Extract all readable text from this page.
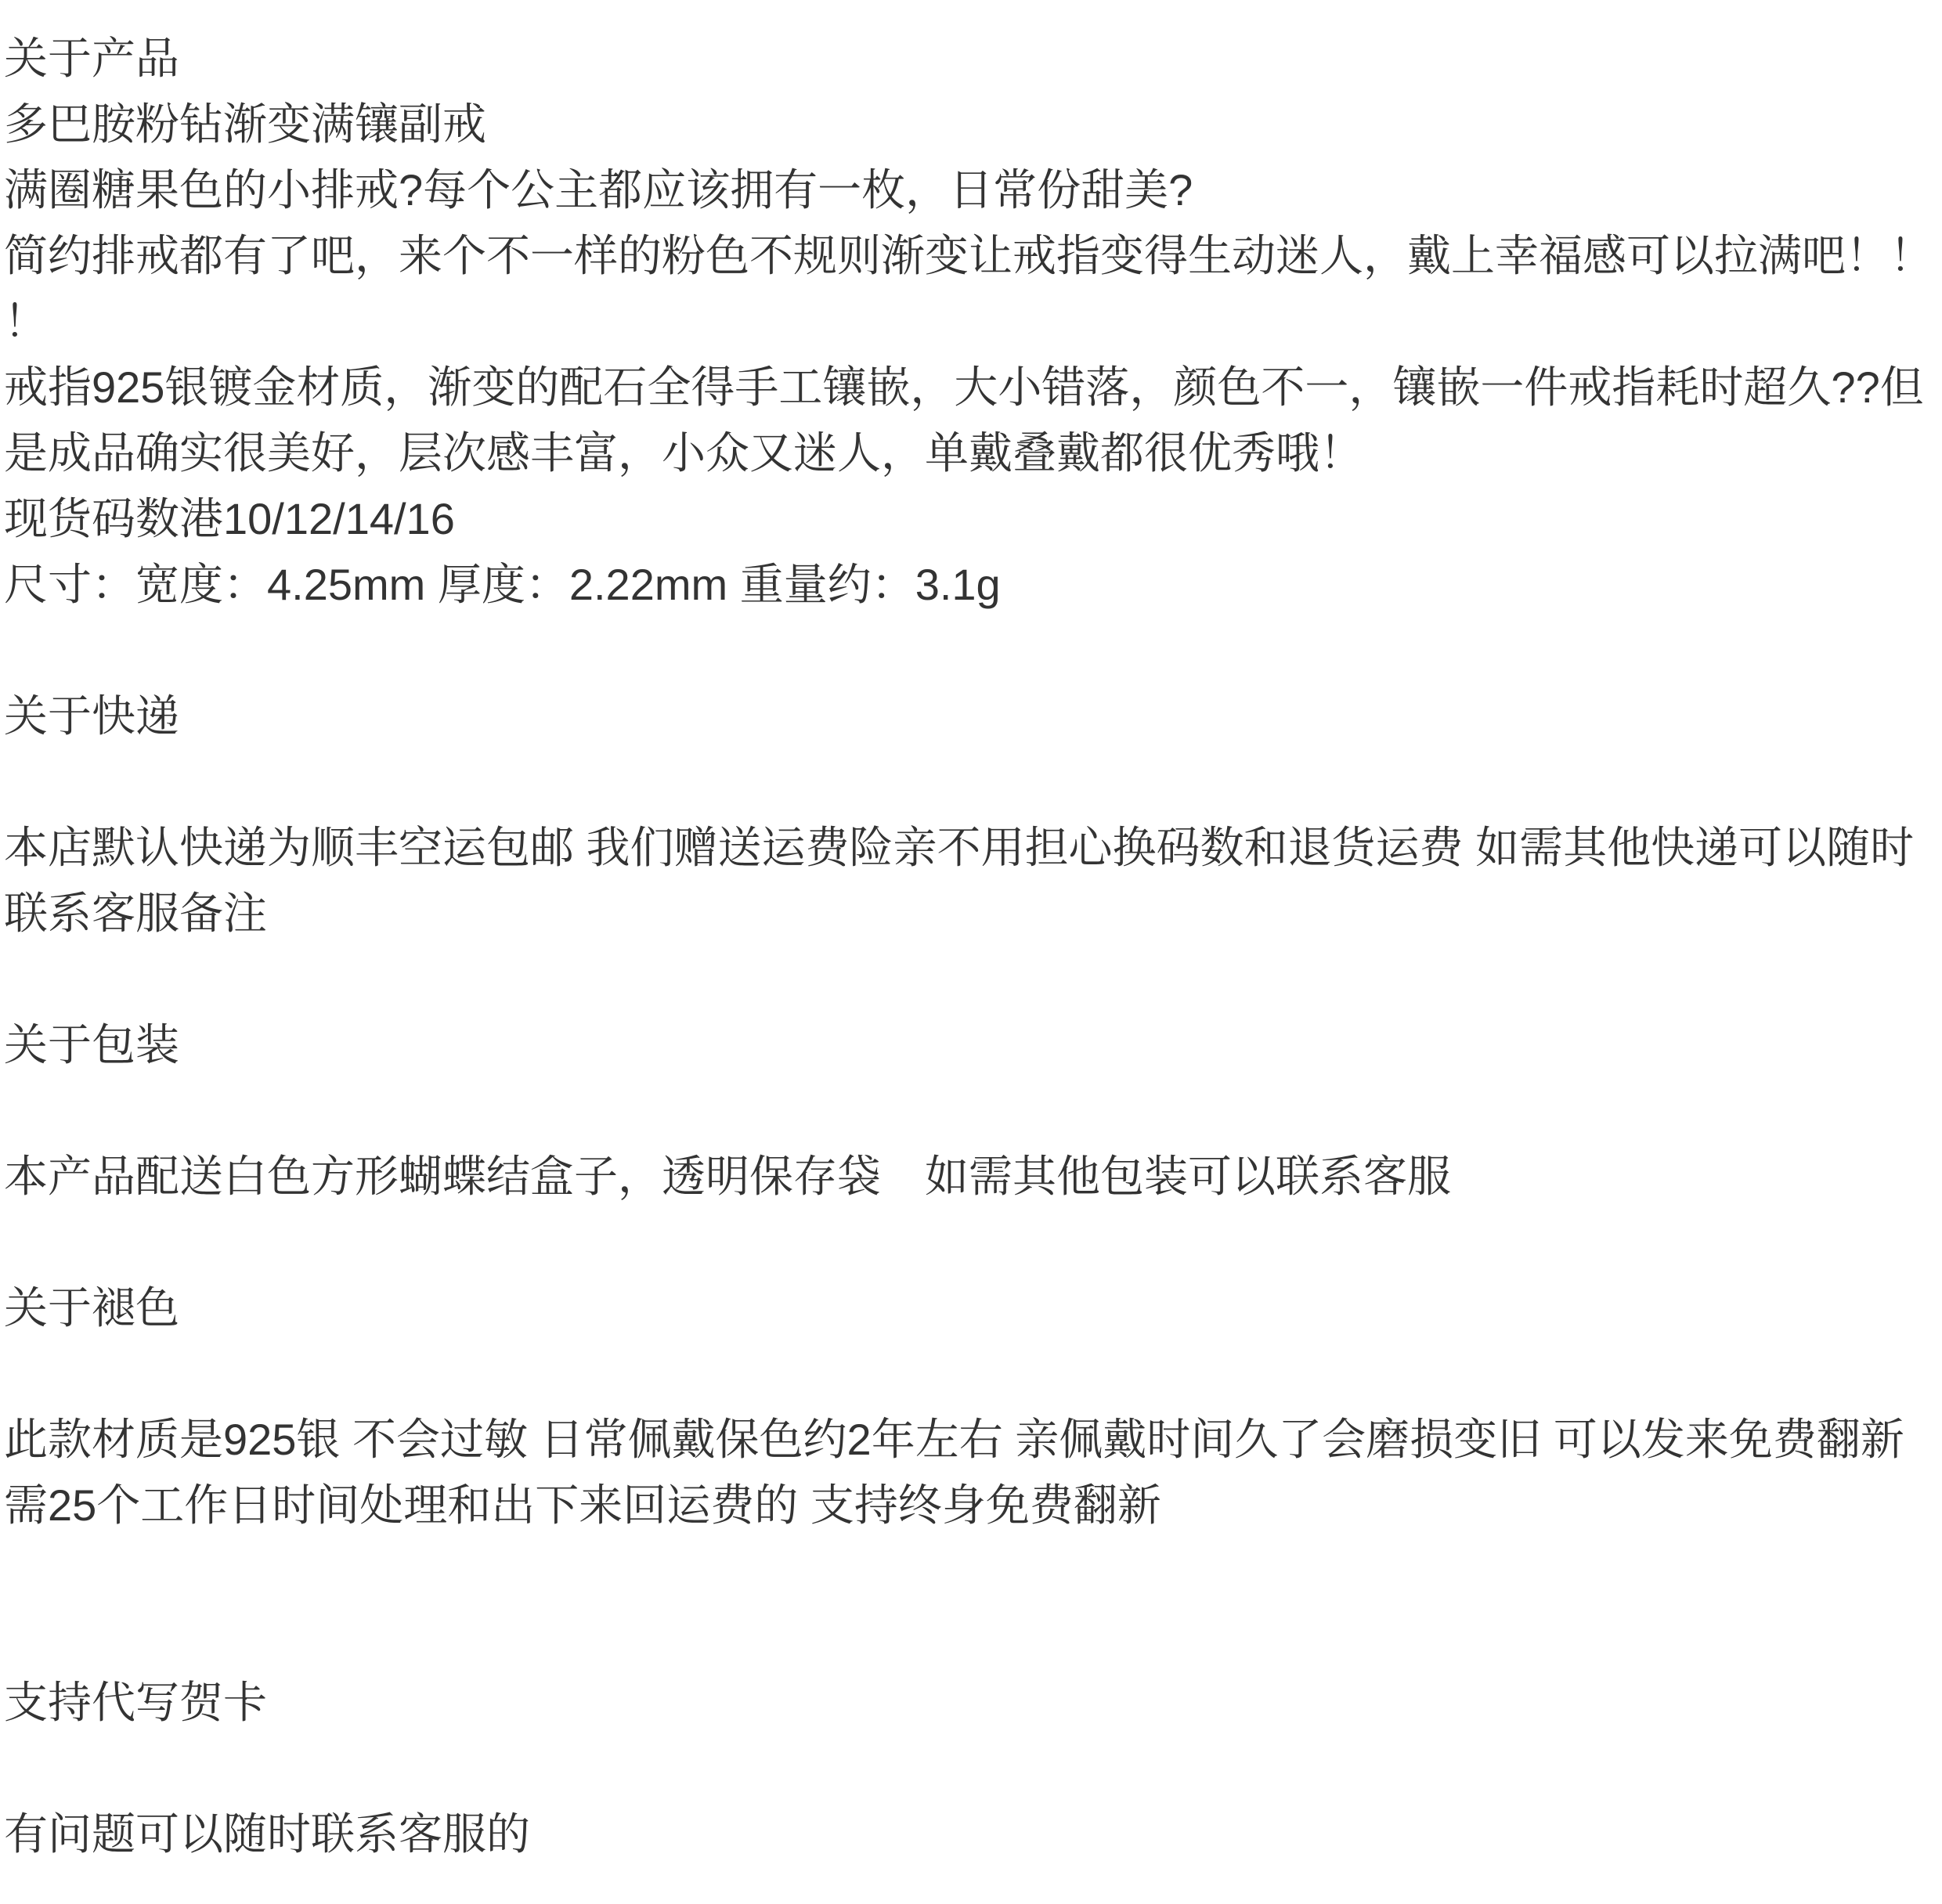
关于产品

多巴胺粉钻渐变满镶副戒

满圈糖果色的小排戒?每个公主都应该拥有一枚，日常份甜美?

简约排戒都有了吧，来个不一样的粉色不规则渐变让戒指变得生动迷人，戴上幸福感可以拉满吧！！！

戒指925银镀金材质，渐变的配石全得手工镶嵌，大小错落，颜色不一，镶嵌一件戒指耗时超久??但是成品确实很美好，层次感丰富，小众又迷人，单戴叠戴都很优秀哦！

现货码数港10/12/14/16

尺寸：宽度：4.25mm 厚度：2.22mm 重量约：3.1g

关于快递

本店默认快递为顺丰空运包邮 我们赠送运费险亲不用担心换码数和退货运费 如需其他快递可以随时联系客服备注

关于包装

本产品配送白色方形蝴蝶结盒子，透明保存袋　如需其他包装可以联系客服

关于褪色

此款材质是925银 不会过敏 日常佩戴保色约2年左右 亲佩戴时间久了会磨损变旧 可以发来免费翻新需25个工作日时间处理和出下来回运费的 支持终身免费翻新

支持代写贺卡

有问题可以随时联系客服的
